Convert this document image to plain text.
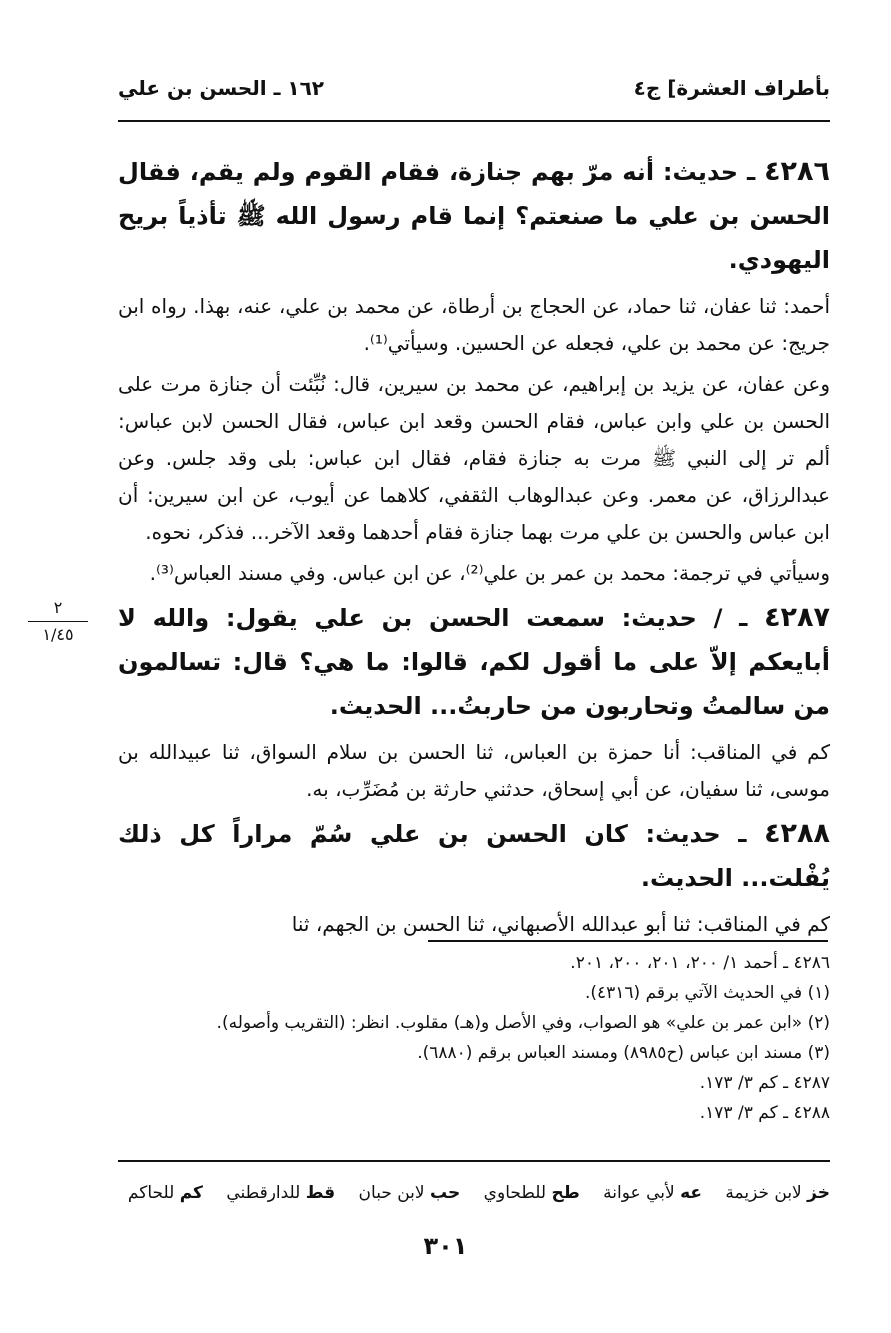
بأطراف العشرة] ج٤
١٦٢ ـ الحسن بن علي

٤٢٨٦ ـ حديث: أنه مرّ بهم جنازة، فقام القوم ولم يقم، فقال الحسن بن علي ما صنعتم؟ إنما قام رسول الله ﷺ تأذياً بريح اليهودي.

أحمد: ثنا عفان، ثنا حماد، عن الحجاج بن أرطاة، عن محمد بن علي، عنه، بهذا. رواه ابن جريج: عن محمد بن علي، فجعله عن الحسين. وسيأتي⁽¹⁾.

وعن عفان، عن يزيد بن إبراهيم، عن محمد بن سيرين، قال: نُبِّئت أن جنازة مرت على الحسن بن علي وابن عباس، فقام الحسن وقعد ابن عباس، فقال الحسن لابن عباس: ألم تر إلى النبي ﷺ مرت به جنازة فقام، فقال ابن عباس: بلى وقد جلس. وعن عبدالرزاق، عن معمر. وعن عبدالوهاب الثقفي، كلاهما عن أيوب، عن ابن سيرين: أن ابن عباس والحسن بن علي مرت بهما جنازة فقام أحدهما وقعد الآخر... فذكر، نحوه.

وسيأتي في ترجمة: محمد بن عمر بن علي⁽²⁾، عن ابن عباس. وفي مسند العباس⁽³⁾.

٤٢٨٧ ـ / حديث: سمعت الحسن بن علي يقول: والله لا أبايعكم إلاّ على ما أقول لكم، قالوا: ما هي؟ قال: تسالمون من سالمتُ وتحاربون من حاربتُ... الحديث.

كم في المناقب: أنا حمزة بن العباس، ثنا الحسن بن سلام السواق، ثنا عبيدالله بن موسى، ثنا سفيان، عن أبي إسحاق، حدثني حارثة بن مُضَرِّب، به.

٤٢٨٨ ـ حديث: كان الحسن بن علي سُمّ مراراً كل ذلك يُفْلت... الحديث.

كم في المناقب: ثنا أبو عبدالله الأصبهاني، ثنا الحسن بن الجهم، ثنا

٢
١/٤٥
٤٢٨٦ ـ أحمد ١/ ٢٠٠، ٢٠١، ٢٠٠، ٢٠١.
(١) في الحديث الآتي برقم (٤٣١٦).
(٢) «ابن عمر بن علي» هو الصواب، وفي الأصل و(هـ) مقلوب. انظر: (التقريب وأصوله).
(٣) مسند ابن عباس (ح٨٩٨٥) ومسند العباس برقم (٦٨٨٠).
٤٢٨٧ ـ كم ٣/ ١٧٣.
٤٢٨٨ ـ كم ٣/ ١٧٣.
خز لابن خزيمة عه لأبي عوانة طح للطحاوي حب لابن حبان قط للدارقطني كم للحاكم
٣٠١
